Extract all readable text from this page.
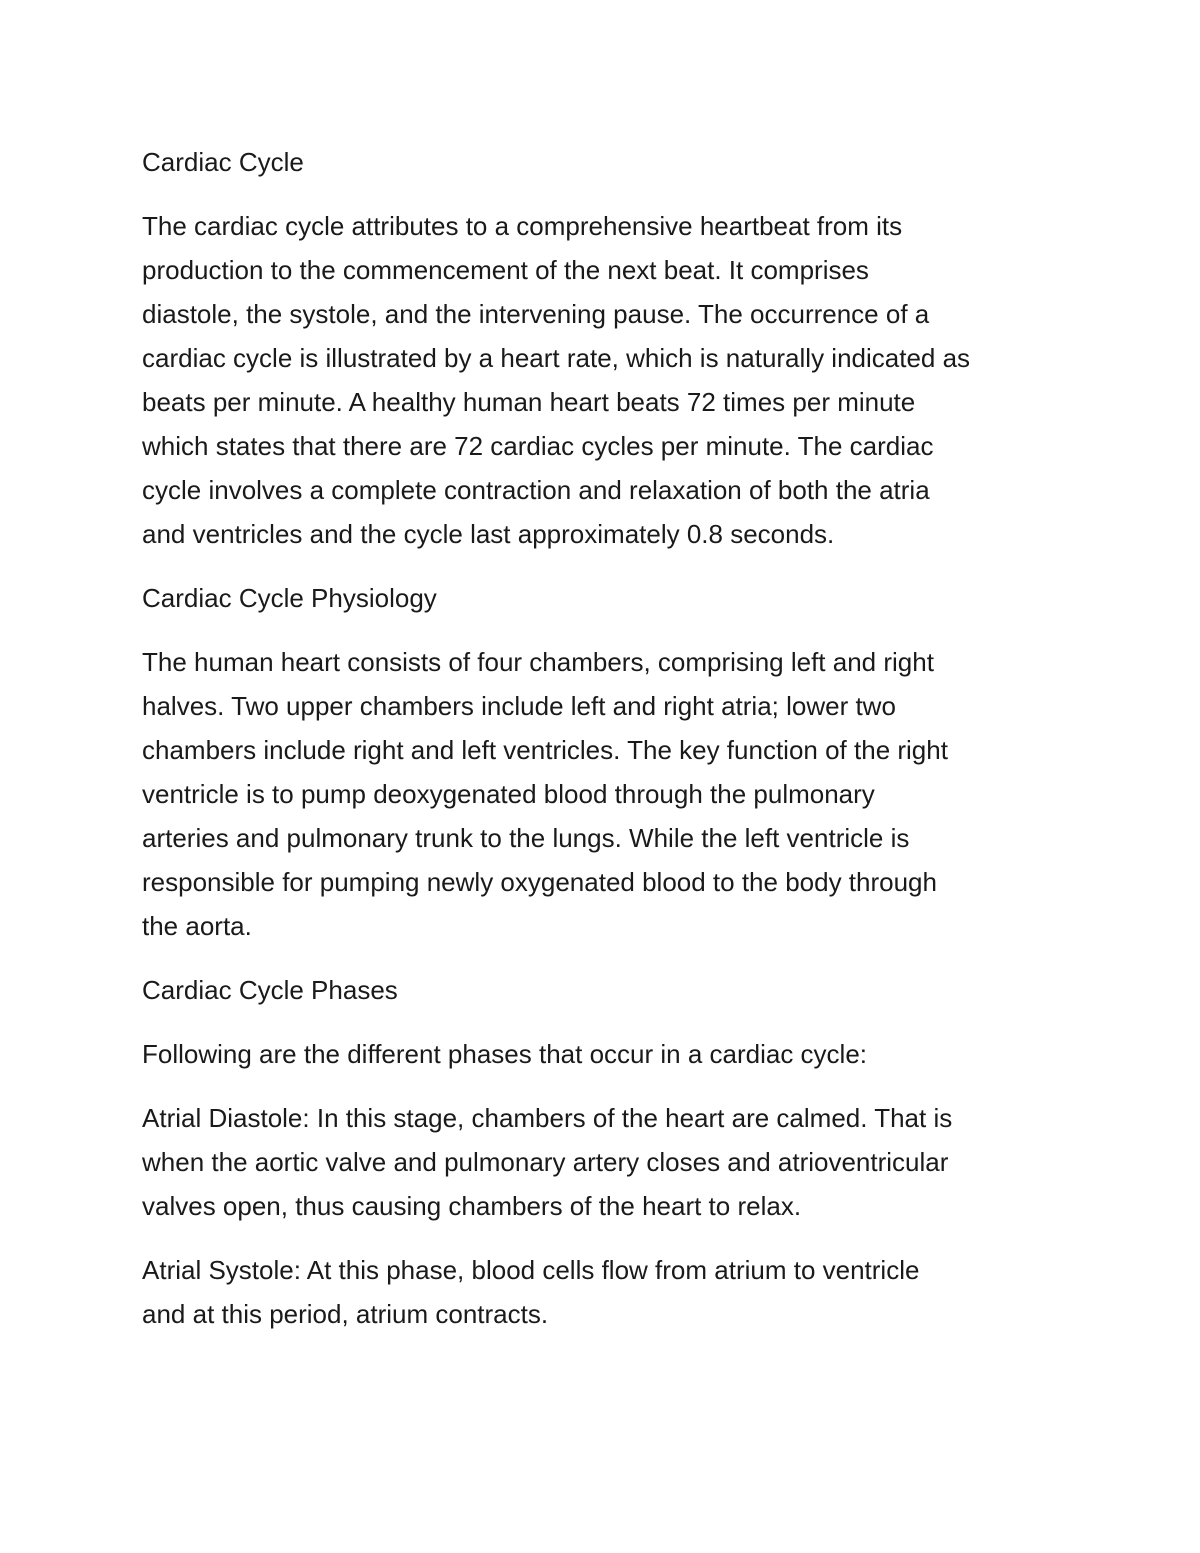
Cardiac Cycle

The cardiac cycle attributes to a comprehensive heartbeat from its
production to the commencement of the next beat. It comprises
diastole, the systole, and the intervening pause. The occurrence of a
cardiac cycle is illustrated by a heart rate, which is naturally indicated as
beats per minute. A healthy human heart beats 72 times per minute
which states that there are 72 cardiac cycles per minute. The cardiac
cycle involves a complete contraction and relaxation of both the atria
and ventricles and the cycle last approximately 0.8 seconds.

Cardiac Cycle Physiology

The human heart consists of four chambers, comprising left and right
halves. Two upper chambers include left and right atria; lower two
chambers include right and left ventricles. The key function of the right
ventricle is to pump deoxygenated blood through the pulmonary
arteries and pulmonary trunk to the lungs. While the left ventricle is
responsible for pumping newly oxygenated blood to the body through
the aorta.

Cardiac Cycle Phases

Following are the different phases that occur in a cardiac cycle:

Atrial Diastole: In this stage, chambers of the heart are calmed. That is
when the aortic valve and pulmonary artery closes and atrioventricular
valves open, thus causing chambers of the heart to relax.

Atrial Systole: At this phase, blood cells flow from atrium to ventricle
and at this period, atrium contracts.
